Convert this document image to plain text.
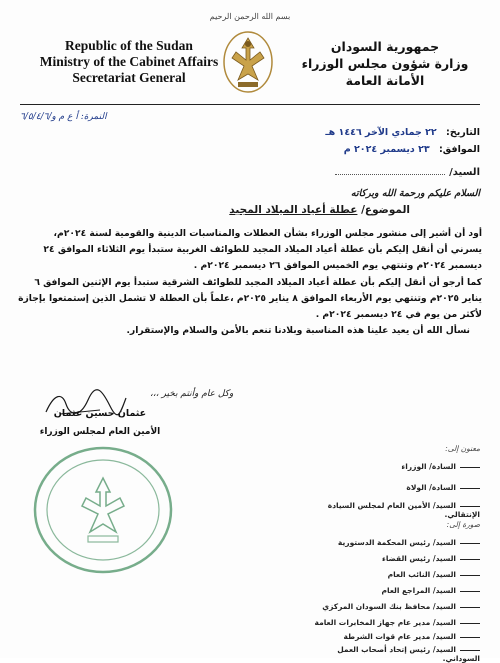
بسم الله الرحمن الرحيم
Republic of the Sudan
Ministry of the Cabinet Affairs
Secretariat General
جمهورية السودان
وزارة شؤون مجلس الوزراء
الأمانة العامة
النمرة: أ ع م و/٦/٥/٤/٦
التاريخ: ٢٢ جمادي الآخر ١٤٤٦ هـ
الموافق: ٢٣ ديسمبر ٢٠٢٤ م
السيد/
السلام عليكم ورحمة الله وبركاته
الموضوع/ عطلة أعياد الميلاد المجيد

أود أن أشير إلى منشور مجلس الوزراء بشأن العطلات والمناسبات الدينية والقومية لسنة ٢٠٢٤م،

يسرني أن أنقل إليكم بأن عطلة أعياد الميلاد المجيد للطوائف الغربية ستبدأ يوم الثلاثاء الموافق ٢٤

ديسمبر ٢٠٢٤م وتنتهي يوم الخميس الموافق ٢٦ ديسمبر ٢٠٢٤م .

كما أرجو أن أنقل إليكم بأن عطلة أعياد الميلاد المجيد للطوائف الشرقية ستبدأ يوم الإثنين الموافق ٦

يناير ٢٠٢٥م وتنتهي يوم الأربعاء الموافق ٨ يناير ٢٠٢٥م ،علماً بأن العطلة لا تشمل الذين إستمتعوا بإجازة

لأكثر من يوم في ٢٤ ديسمبر ٢٠٢٤م .

نسأل الله أن يعيد علينا هذه المناسبة وبلادنا تنعم بالأمن والسلام والإستقرار.

وكل عام وأنتم بخير ،،،
عثمان حسين عثمان
الأمين العام لمجلس الوزراء
معنون إلى:
السادة/ الوزراء
السادة/ الولاة
السيد/ الأمين العام لمجلس السيادة الإنتقالي.
صورة إلى:
السيد/ رئيس المحكمة الدستورية
السيد/ رئيس القضاء
السيد/ النائب العام
السيد/ المراجع العام
السيد/ محافظ بنك السودان المركزي
السيد/ مدير عام جهاز المخابرات العامة
السيد/ مدير عام قوات الشرطة
السيد/ رئيس إتحاد أصحاب العمل السوداني.
